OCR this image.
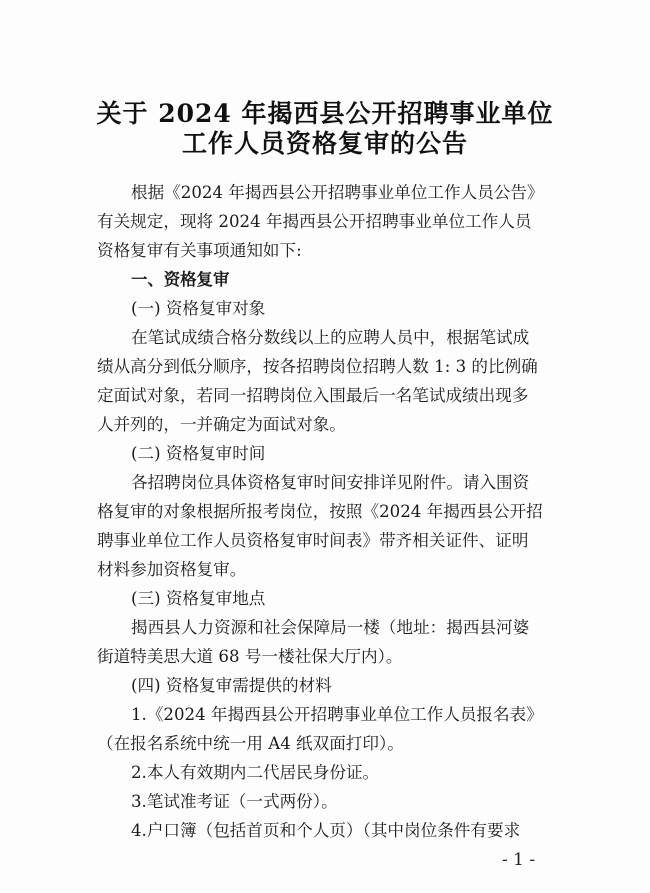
关于 2024 年揭西县公开招聘事业单位
工作人员资格复审的公告
根据《2024 年揭西县公开招聘事业单位工作人员公告》
有关规定，现将 2024 年揭西县公开招聘事业单位工作人员
资格复审有关事项通知如下:
一、资格复审
(一) 资格复审对象
在笔试成绩合格分数线以上的应聘人员中，根据笔试成
绩从高分到低分顺序，按各招聘岗位招聘人数 1: 3 的比例确
定面试对象，若同一招聘岗位入围最后一名笔试成绩出现多
人并列的，一并确定为面试对象。
(二) 资格复审时间
各招聘岗位具体资格复审时间安排详见附件。请入围资
格复审的对象根据所报考岗位，按照《2024 年揭西县公开招
聘事业单位工作人员资格复审时间表》带齐相关证件、证明
材料参加资格复审。
(三) 资格复审地点
揭西县人力资源和社会保障局一楼（地址：揭西县河婆
街道特美思大道 68 号一楼社保大厅内）。
(四) 资格复审需提供的材料
1.《2024 年揭西县公开招聘事业单位工作人员报名表》
（在报名系统中统一用 A4 纸双面打印）。
2.本人有效期内二代居民身份证。
3.笔试准考证（一式两份）。
4.户口簿（包括首页和个人页）（其中岗位条件有要求
- 1 -
